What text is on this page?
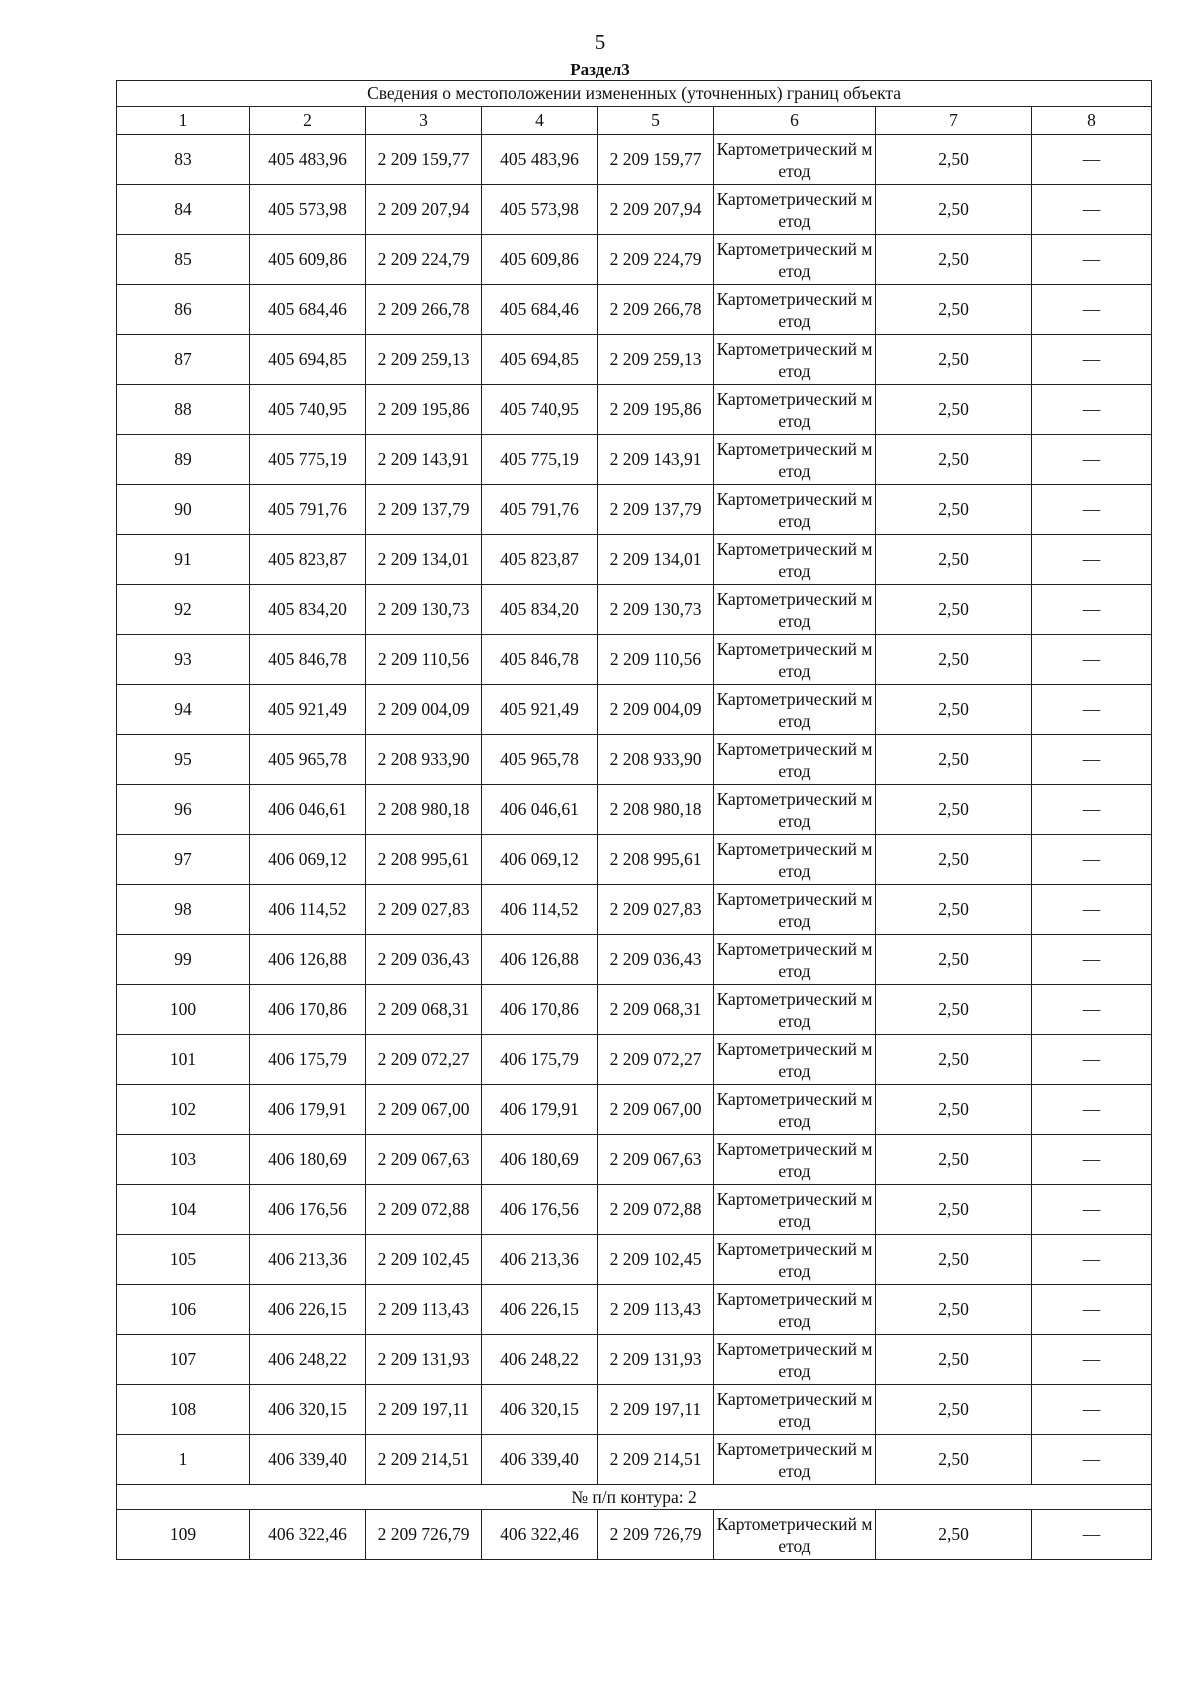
5
Раздел3
Сведения о местоположении измененных (уточненных) границ объекта							
1	2	3	4	5	6	7	8
83	405 483,96	2 209 159,77	405 483,96	2 209 159,77	Картометрический метод	2,50	—
84	405 573,98	2 209 207,94	405 573,98	2 209 207,94	Картометрический метод	2,50	—
85	405 609,86	2 209 224,79	405 609,86	2 209 224,79	Картометрический метод	2,50	—
86	405 684,46	2 209 266,78	405 684,46	2 209 266,78	Картометрический метод	2,50	—
87	405 694,85	2 209 259,13	405 694,85	2 209 259,13	Картометрический метод	2,50	—
88	405 740,95	2 209 195,86	405 740,95	2 209 195,86	Картометрический метод	2,50	—
89	405 775,19	2 209 143,91	405 775,19	2 209 143,91	Картометрический метод	2,50	—
90	405 791,76	2 209 137,79	405 791,76	2 209 137,79	Картометрический метод	2,50	—
91	405 823,87	2 209 134,01	405 823,87	2 209 134,01	Картометрический метод	2,50	—
92	405 834,20	2 209 130,73	405 834,20	2 209 130,73	Картометрический метод	2,50	—
93	405 846,78	2 209 110,56	405 846,78	2 209 110,56	Картометрический метод	2,50	—
94	405 921,49	2 209 004,09	405 921,49	2 209 004,09	Картометрический метод	2,50	—
95	405 965,78	2 208 933,90	405 965,78	2 208 933,90	Картометрический метод	2,50	—
96	406 046,61	2 208 980,18	406 046,61	2 208 980,18	Картометрический метод	2,50	—
97	406 069,12	2 208 995,61	406 069,12	2 208 995,61	Картометрический метод	2,50	—
98	406 114,52	2 209 027,83	406 114,52	2 209 027,83	Картометрический метод	2,50	—
99	406 126,88	2 209 036,43	406 126,88	2 209 036,43	Картометрический метод	2,50	—
100	406 170,86	2 209 068,31	406 170,86	2 209 068,31	Картометрический метод	2,50	—
101	406 175,79	2 209 072,27	406 175,79	2 209 072,27	Картометрический метод	2,50	—
102	406 179,91	2 209 067,00	406 179,91	2 209 067,00	Картометрический метод	2,50	—
103	406 180,69	2 209 067,63	406 180,69	2 209 067,63	Картометрический метод	2,50	—
104	406 176,56	2 209 072,88	406 176,56	2 209 072,88	Картометрический метод	2,50	—
105	406 213,36	2 209 102,45	406 213,36	2 209 102,45	Картометрический метод	2,50	—
106	406 226,15	2 209 113,43	406 226,15	2 209 113,43	Картометрический метод	2,50	—
107	406 248,22	2 209 131,93	406 248,22	2 209 131,93	Картометрический метод	2,50	—
108	406 320,15	2 209 197,11	406 320,15	2 209 197,11	Картометрический метод	2,50	—
1	406 339,40	2 209 214,51	406 339,40	2 209 214,51	Картометрический метод	2,50	—
№ п/п контура: 2							
109	406 322,46	2 209 726,79	406 322,46	2 209 726,79	Картометрический метод	2,50	—
